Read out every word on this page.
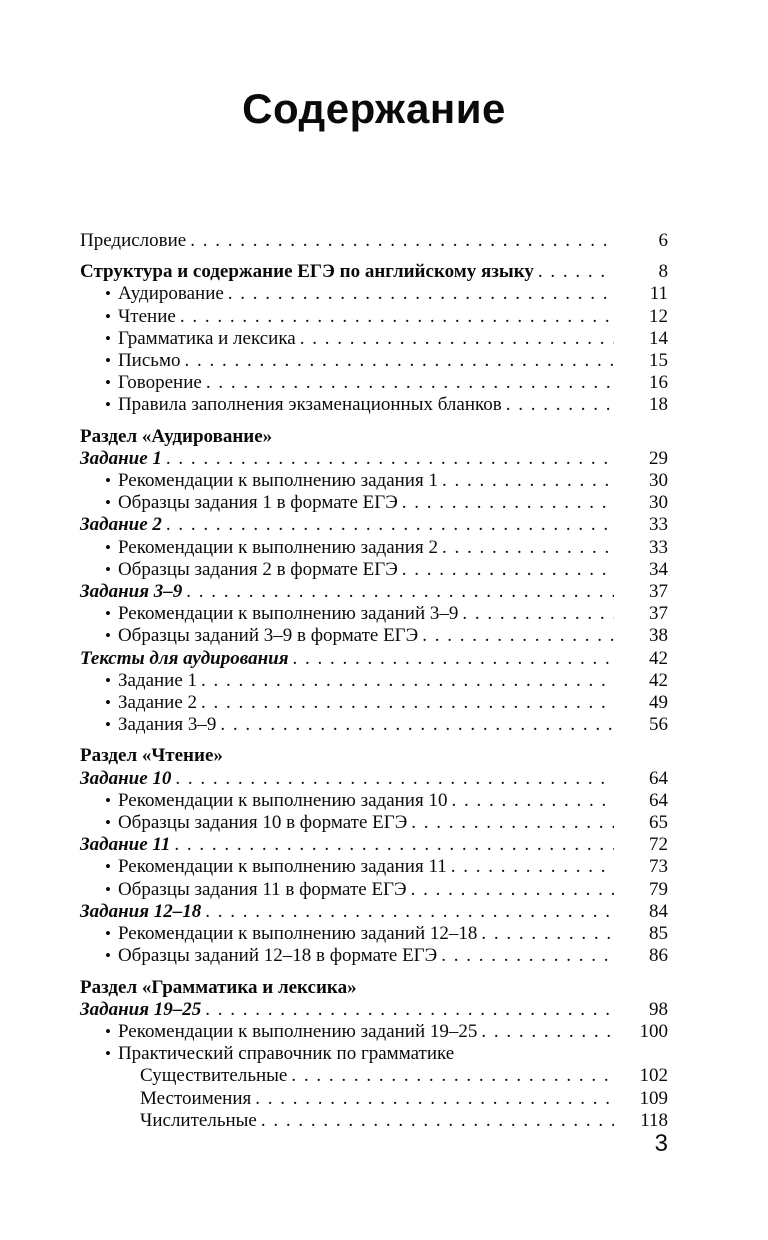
Содержание
Предисловие . . .	6
Структура и содержание ЕГЭ по английскому языку . . .	8
• Аудирование . . .	11
• Чтение . . .	12
• Грамматика и лексика . . .	14
• Письмо . . .	15
• Говорение . . .	16
• Правила заполнения экзаменационных бланков . . .	18
Раздел «Аудирование»
Задание 1 . . .	29
• Рекомендации к выполнению задания 1 . . .	30
• Образцы задания 1 в формате ЕГЭ . . .	30
Задание 2 . . .	33
• Рекомендации к выполнению задания 2 . . .	33
• Образцы задания 2 в формате ЕГЭ . . .	34
Задания 3–9 . . .	37
• Рекомендации к выполнению заданий 3–9 . . .	37
• Образцы заданий 3–9 в формате ЕГЭ . . .	38
Тексты для аудирования . . .	42
• Задание 1 . . .	42
• Задание 2 . . .	49
• Задания 3–9 . . .	56
Раздел «Чтение»
Задание 10 . . .	64
• Рекомендации к выполнению задания 10 . . .	64
• Образцы задания 10 в формате ЕГЭ . . .	65
Задание 11 . . .	72
• Рекомендации к выполнению задания 11 . . .	73
• Образцы задания 11 в формате ЕГЭ . . .	79
Задания 12–18 . . .	84
• Рекомендации к выполнению заданий 12–18 . . .	85
• Образцы заданий 12–18 в формате ЕГЭ . . .	86
Раздел «Грамматика и лексика»
Задания 19–25 . . .	98
• Рекомендации к выполнению заданий 19–25 . . .	100
• Практический справочник по грамматике
Существительные . . .	102
Местоимения . . .	109
Числительные . . .	118
3
